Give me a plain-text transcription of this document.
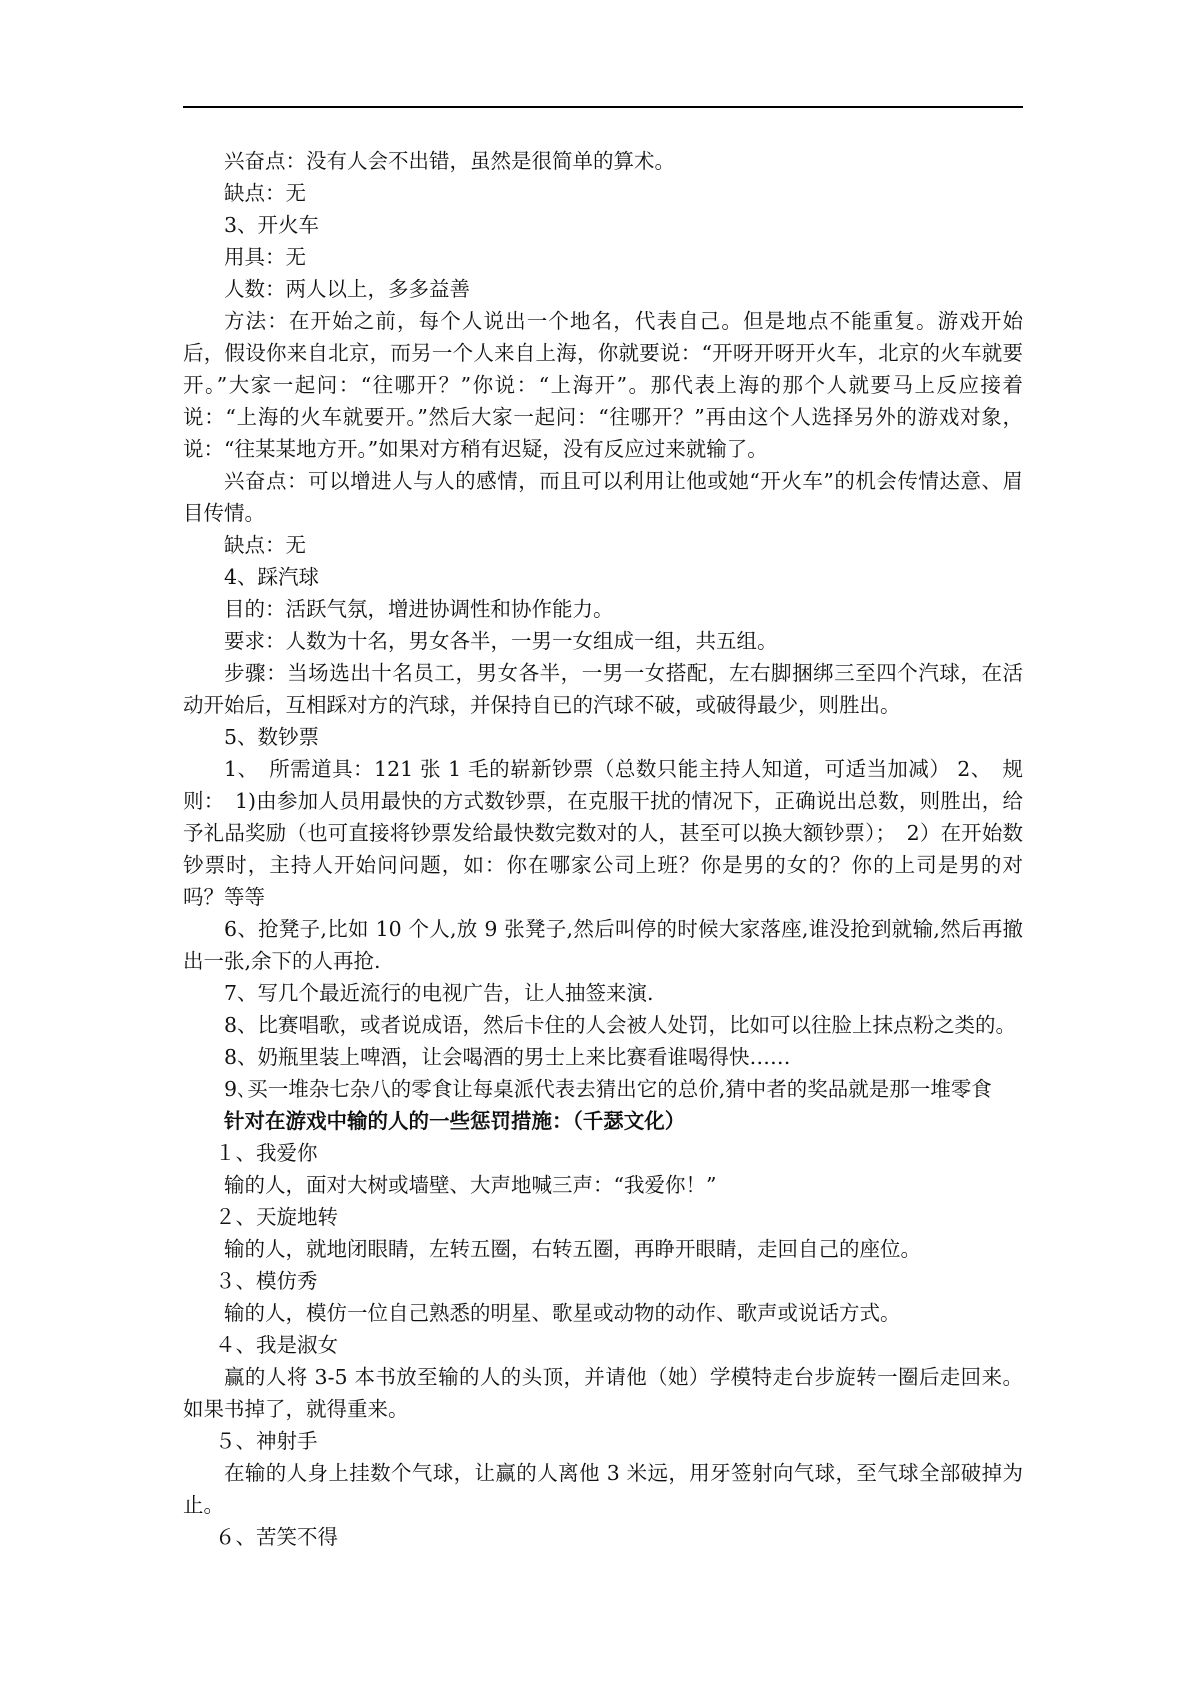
兴奋点：没有人会不出错，虽然是很简单的算术。

缺点：无

3、开火车

用具：无

人数：两人以上，多多益善

方法：在开始之前，每个人说出一个地名，代表自己。但是地点不能重复。游戏开始后，假设你来自北京，而另一个人来自上海，你就要说：“开呀开呀开火车，北京的火车就要开。”大家一起问：“往哪开？”你说：“上海开”。那代表上海的那个人就要马上反应接着说：“上海的火车就要开。”然后大家一起问：“往哪开？”再由这个人选择另外的游戏对象，说：“往某某地方开。”如果对方稍有迟疑，没有反应过来就输了。

兴奋点：可以增进人与人的感情，而且可以利用让他或她“开火车”的机会传情达意、眉目传情。

缺点：无

4、踩汽球

目的：活跃气氛，增进协调性和协作能力。

要求：人数为十名，男女各半，一男一女组成一组，共五组。

步骤：当场选出十名员工，男女各半，一男一女搭配，左右脚捆绑三至四个汽球，在活动开始后，互相踩对方的汽球，并保持自已的汽球不破，或破得最少，则胜出。

5、数钞票

1、　所需道具：121 张 1 毛的崭新钞票（总数只能主持人知道，可适当加减） 2、　规则：　1)由参加人员用最快的方式数钞票，在克服干扰的情况下，正确说出总数，则胜出，给予礼品奖励（也可直接将钞票发给最快数完数对的人，甚至可以换大额钞票）；　2）在开始数钞票时，主持人开始问问题，如：你在哪家公司上班？你是男的女的？你的上司是男的对吗？等等

6、抢凳子,比如 10 个人,放 9 张凳子,然后叫停的时候大家落座,谁没抢到就输,然后再撤出一张,余下的人再抢.

7、写几个最近流行的电视广告，让人抽签来演.

8、比赛唱歌，或者说成语，然后卡住的人会被人处罚，比如可以往脸上抹点粉之类的。

8、奶瓶里装上啤酒，让会喝酒的男士上来比赛看谁喝得快……

9､买一堆杂七杂八的零食让每桌派代表去猜出它的总价,猜中者的奖品就是那一堆零食

针对在游戏中输的人的一些惩罚措施：（千瑟文化）

１、我爱你

输的人，面对大树或墙壁、大声地喊三声：“我爱你！”

２、天旋地转

输的人，就地闭眼睛，左转五圈，右转五圈，再睁开眼睛，走回自己的座位。

３、模仿秀

输的人，模仿一位自己熟悉的明星、歌星或动物的动作、歌声或说话方式。

４、我是淑女

赢的人将 3-5 本书放至输的人的头顶，并请他（她）学模特走台步旋转一圈后走回来。如果书掉了，就得重来。

５、神射手

在输的人身上挂数个气球，让赢的人离他 3 米远，用牙签射向气球，至气球全部破掉为止。

６、苦笑不得
